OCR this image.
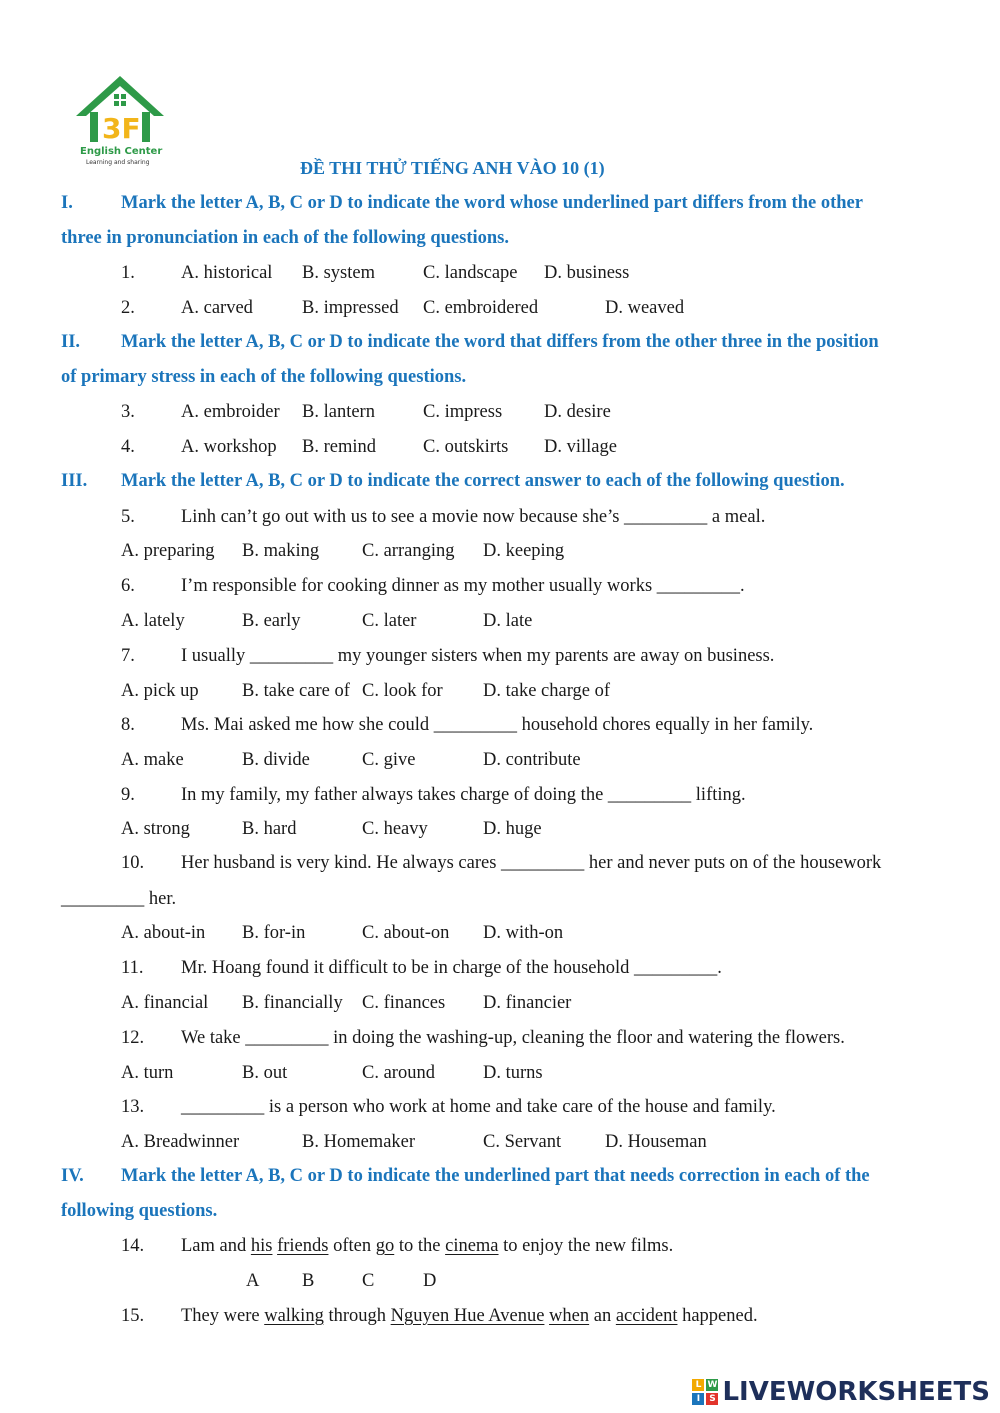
3F
English Center
Learning and sharing	ĐỀ THI THỬ TIẾNG ANH VÀO 10 (1)
I.	Mark the letter A, B, C or D to indicate the word whose underlined part differs from the other
three in pronunciation in each of the following questions.
1. A. historical B. system	C. landscape D. business
2. A. carved	B. impressed C. embroidered	D. weaved
II. Mark the letter A, B, C or D to indicate the word that differs from the other three in the position
of primary stress in each of the following questions.
3. A. embroider B. lantern	C. impress D. desire
4. A. workshop B. remind	C. outskirts D. village
III. Mark the letter A, B, C or D to indicate the correct answer to each of the following question.
5. Linh can’t go out with us to see a movie now because she’s _________ a meal.
A. preparing B. making C. arranging D. keeping
6. I’m responsible for cooking dinner as my mother usually works _________.
A. lately	B. early	C. later	D. late
7. I usually _________ my younger sisters when my parents are away on business.
A. pick up B. take care of C. look for D. take charge of
8. Ms. Mai asked me how she could _________ household chores equally in her family.
A. make	B. divide	C. give	D. contribute
9. In my family, my father always takes charge of doing the _________ lifting.
A. strong	B. hard	C. heavy	D. huge
10. Her husband is very kind. He always cares _________ her and never puts on of the housework
_________ her.
A. about-in B. for-in	C. about-on D. with-on
11. Mr. Hoang found it difficult to be in charge of the household _________.
A. financial B. financially C. finances D. financier
12. We take _________ in doing the washing-up, cleaning the floor and watering the flowers.
A. turn	B. out	C. around	D. turns
13. _________ is a person who work at home and take care of the house and family.
A. Breadwinner	B. Homemaker	C. Servant D. Houseman
IV. Mark the letter A, B, C or D to indicate the underlined part that needs correction in each of the
following questions.
14. Lam and his friends often go to the cinema to enjoy the new films.
A B	C	D
15. They were walking through Nguyen Hue Avenue when an accident happened.
L W
I	S LIVEWORKSHEETS
